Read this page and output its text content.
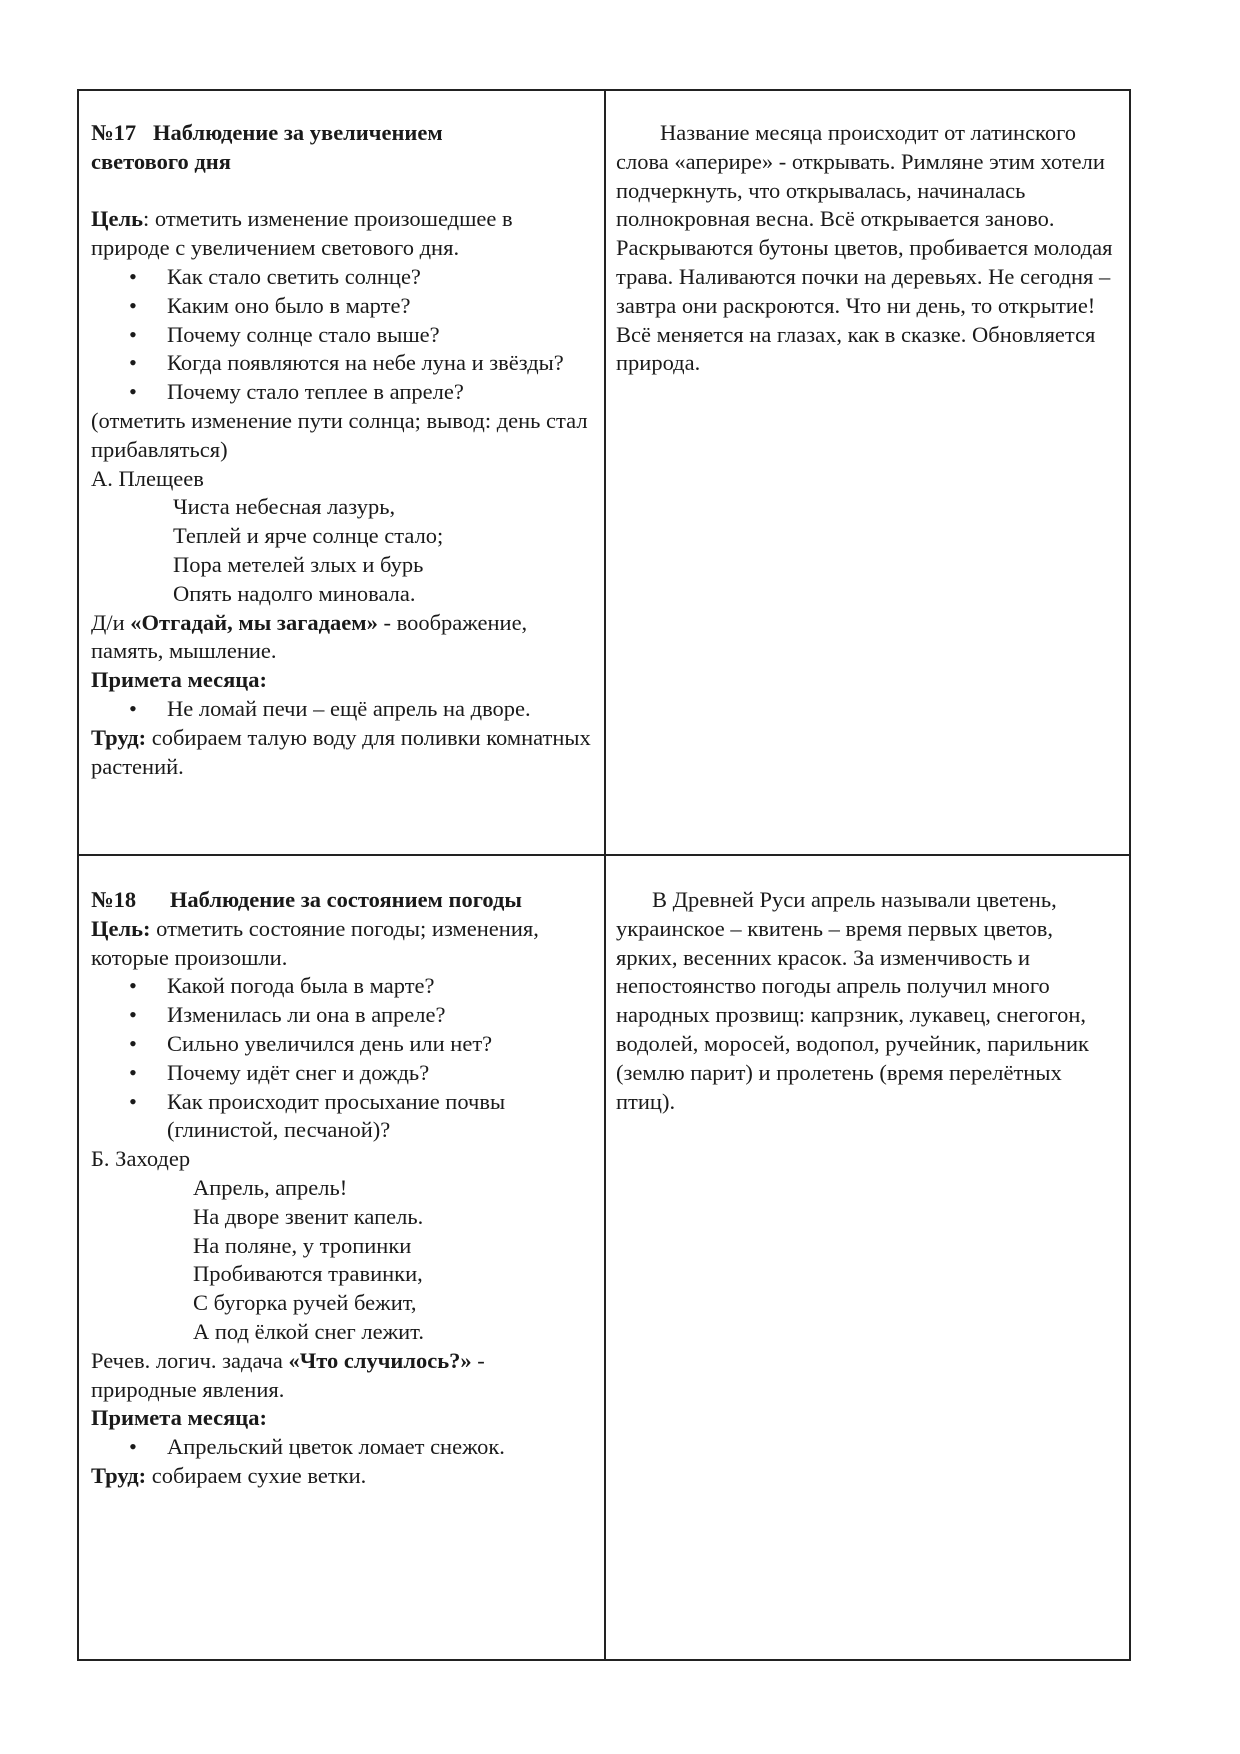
№17 Наблюдение за увеличением
светового дня

Цель: отметить изменение произошедшее в природе с увеличением светового дня.

• Как стало светить солнце?
• Каким оно было в марте?
• Почему солнце стало выше?
• Когда появляются на небе луна и звёзды?
• Почему стало теплее в апреле?

(отметить изменение пути солнца; вывод: день стал прибавляться)

А. Плещеев

Чиста небесная лазурь,
Теплей и ярче солнце стало;
Пора метелей злых и бурь
Опять надолго миновала.

Д/и «Отгадай, мы загадаем» - воображение, память, мышление.

Примета месяца:

• Не ломай печи – ещё апрель на дворе.

Труд: собираем талую воду для поливки комнатных растений.

Название месяца происходит от латинского слова «аперире» - открывать. Римляне этим хотели подчеркнуть, что открывалась, начиналась полнокровная весна. Всё открывается заново. Раскрываются бутоны цветов, пробивается молодая трава. Наливаются почки на деревьях. Не сегодня – завтра они раскроются. Что ни день, то открытие! Всё меняется на глазах, как в сказке. Обновляется природа.

№18 Наблюдение за состоянием погоды

Цель: отметить состояние погоды; изменения, которые произошли.

• Какой погода была в марте?
• Изменилась ли она в апреле?
• Сильно увеличился день или нет?
• Почему идёт снег и дождь?
• Как происходит просыхание почвы (глинистой, песчаной)?

Б. Заходер

Апрель, апрель!
На дворе звенит капель.
На поляне, у тропинки
Пробиваются травинки,
С бугорка ручей бежит,
А под ёлкой снег лежит.

Речев. логич. задача «Что случилось?» - природные явления.

Примета месяца:

• Апрельский цветок ломает снежок.

Труд: собираем сухие ветки.

В Древней Руси апрель называли цветень, украинское – квитень – время первых цветов, ярких, весенних красок. За изменчивость и непостоянство погоды апрель получил много народных прозвищ: капрзник, лукавец, снегогон, водолей, моросей, водопол, ручейник, парильник (землю парит) и пролетень (время перелётных птиц).
